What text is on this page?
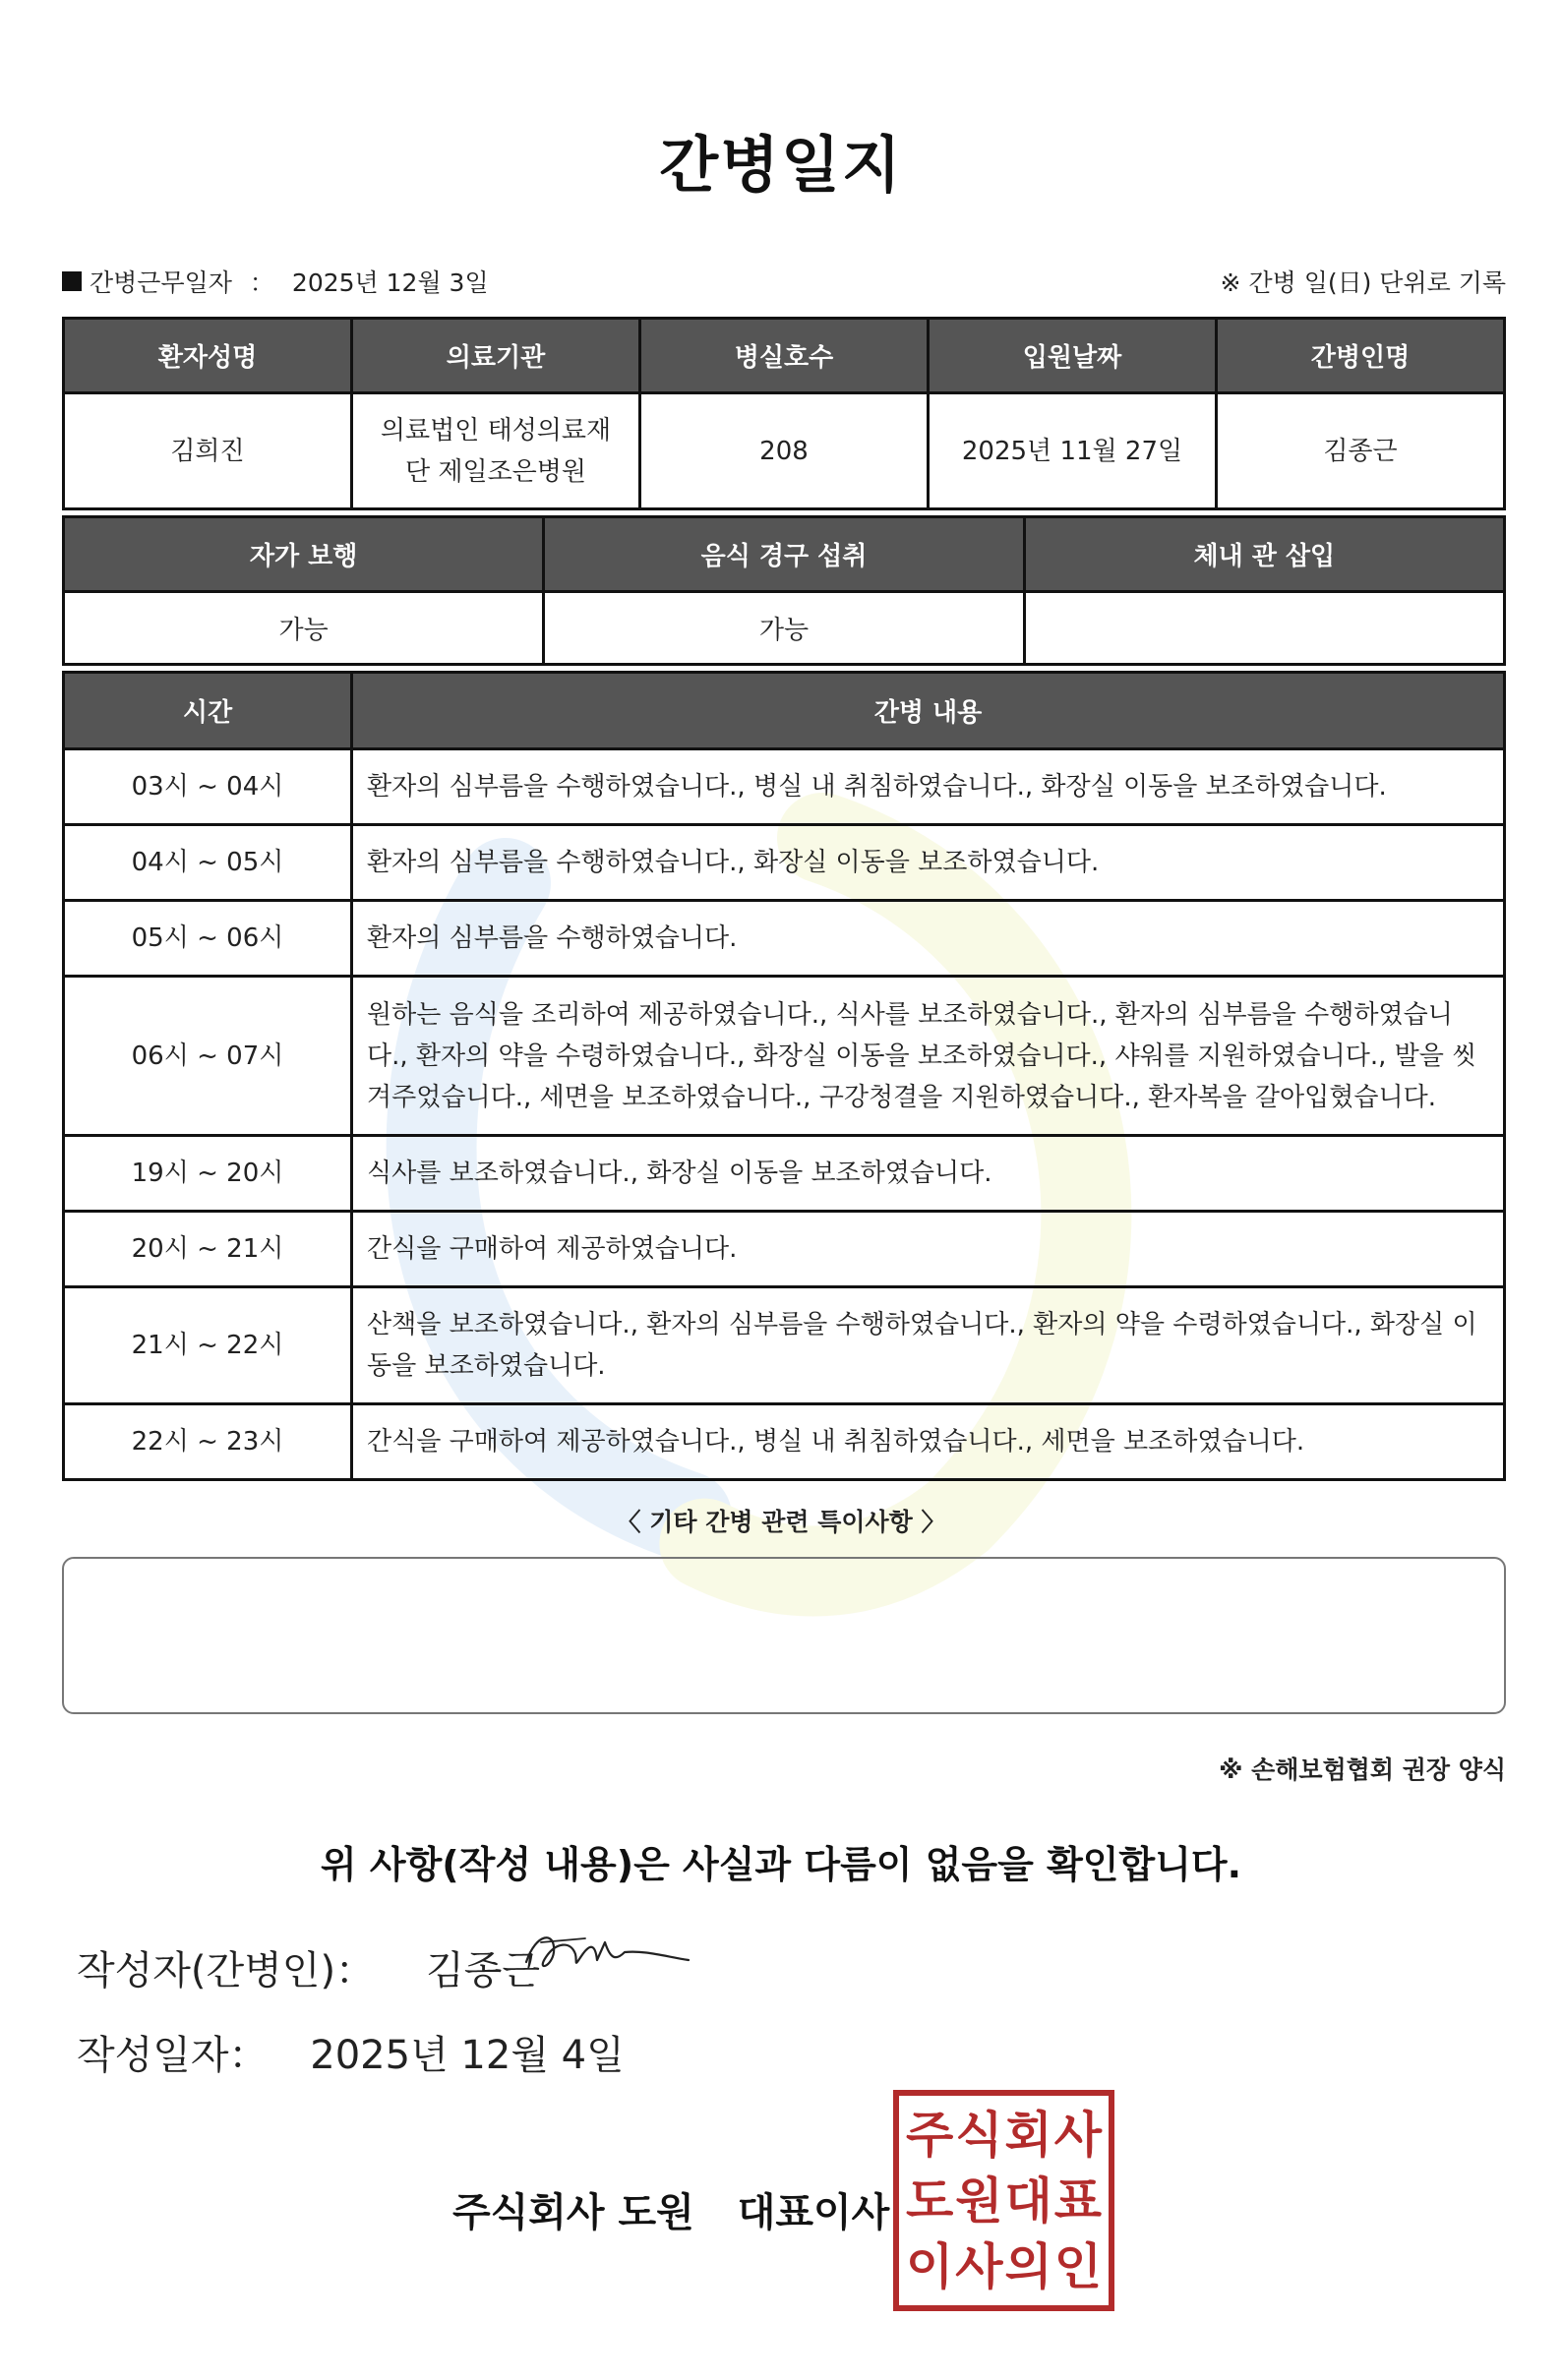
간병일지
간병근무일자 ： 2025년 12월 3일	※ 간병 일(日) 단위로 기록
환자성명	의료기관	병실호수	입원날짜	간병인명
김희진	의료법인 태성의료재단 제일조은병원	208	2025년 11월 27일	김종근
자가 보행	음식 경구 섭취	체내 관 삽입
가능	가능	
시간	간병 내용
03시 ~ 04시	환자의 심부름을 수행하였습니다., 병실 내 취침하였습니다., 화장실 이동을 보조하였습니다.
04시 ~ 05시	환자의 심부름을 수행하였습니다., 화장실 이동을 보조하였습니다.
05시 ~ 06시	환자의 심부름을 수행하였습니다.
06시 ~ 07시	원하는 음식을 조리하여 제공하였습니다., 식사를 보조하였습니다., 환자의 심부름을 수행하였습니다., 환자의 약을 수령하였습니다., 화장실 이동을 보조하였습니다., 샤워를 지원하였습니다., 발을 씻겨주었습니다., 세면을 보조하였습니다., 구강청결을 지원하였습니다., 환자복을 갈아입혔습니다.
19시 ~ 20시	식사를 보조하였습니다., 화장실 이동을 보조하였습니다.
20시 ~ 21시	간식을 구매하여 제공하였습니다.
21시 ~ 22시	산책을 보조하였습니다., 환자의 심부름을 수행하였습니다., 환자의 약을 수령하였습니다., 화장실 이동을 보조하였습니다.
22시 ~ 23시	간식을 구매하여 제공하였습니다., 병실 내 취침하였습니다., 세면을 보조하였습니다.
〈 기타 간병 관련 특이사항 〉
※ 손해보험협회 권장 양식
위 사항(작성 내용)은 사실과 다름이 없음을 확인합니다.
작성자(간병인)： 김종근
작성일자： 2025년 12월 4일
주식회사 도원 대표이사
주 식 회 사
도 원 대 표
이 사 의 인
